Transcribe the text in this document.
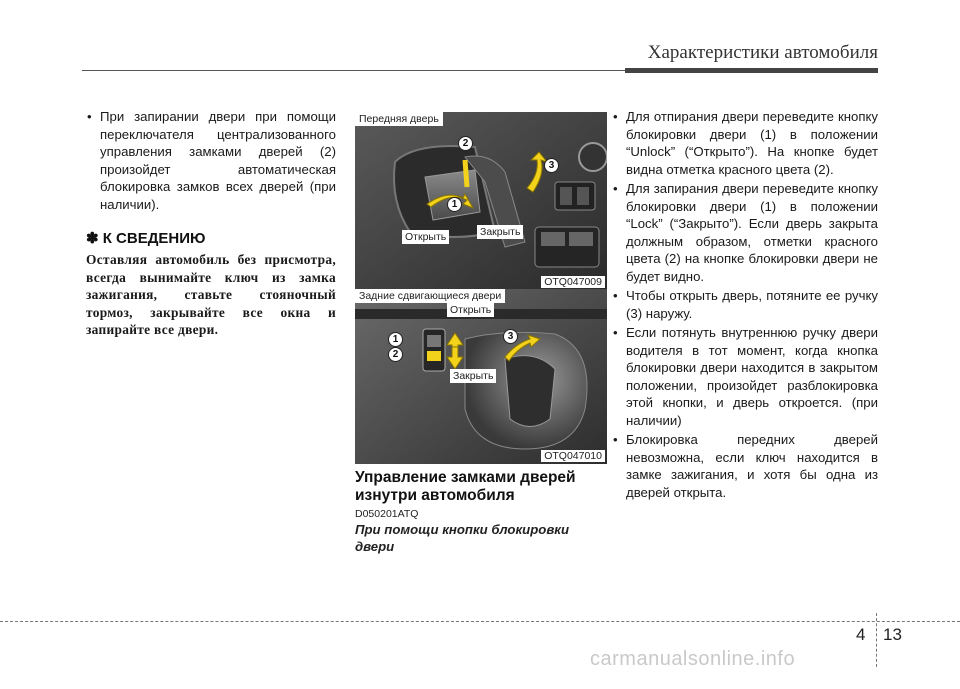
Характеристики автомобиля
• При запирании двери при помощи переключателя централизованного управления замками дверей (2) произойдет автоматическая блокировка замков всех дверей (при наличии).
✽ К СВЕДЕНИЮ
Оставляя автомобиль без присмотра, всегда вынимайте ключ из замка зажигания, ставьте стояночный тормоз, закрывайте все окна и запирайте все двери.
Передняя дверь
2
3
1
Открыть	Закрыть
OTQ047009
Задние сдвигающиеся двери
Открыть
1
2
3
Закрыть
OTQ047010
Управление замками дверей изнутри автомобиля
D050201ATQ
При помощи кнопки блокировки двери
• Для отпирания двери переведите кнопку блокировки двери (1) в положении “Unlock” (“Открыто”). На кнопке будет видна отметка красного цвета (2).
• Для запирания двери переведите кнопку блокировки двери (1) в положении “Lock” (“Закрыто”). Если дверь закрыта должным образом, отметки красного цвета (2) на кнопке блокировки двери не будет видно.
• Чтобы открыть дверь, потяните ее ручку (3) наружу.
• Если потянуть внутреннюю ручку двери водителя в тот момент, когда кнопка блокировки двери находится в закрытом положении, произойдет разблокировка этой кнопки, и дверь откроется. (при наличии)
• Блокировка передних дверей невозможна, если ключ находится в замке зажигания, и хотя бы одна из дверей открыта.
4 13
carmanualsonline.info
